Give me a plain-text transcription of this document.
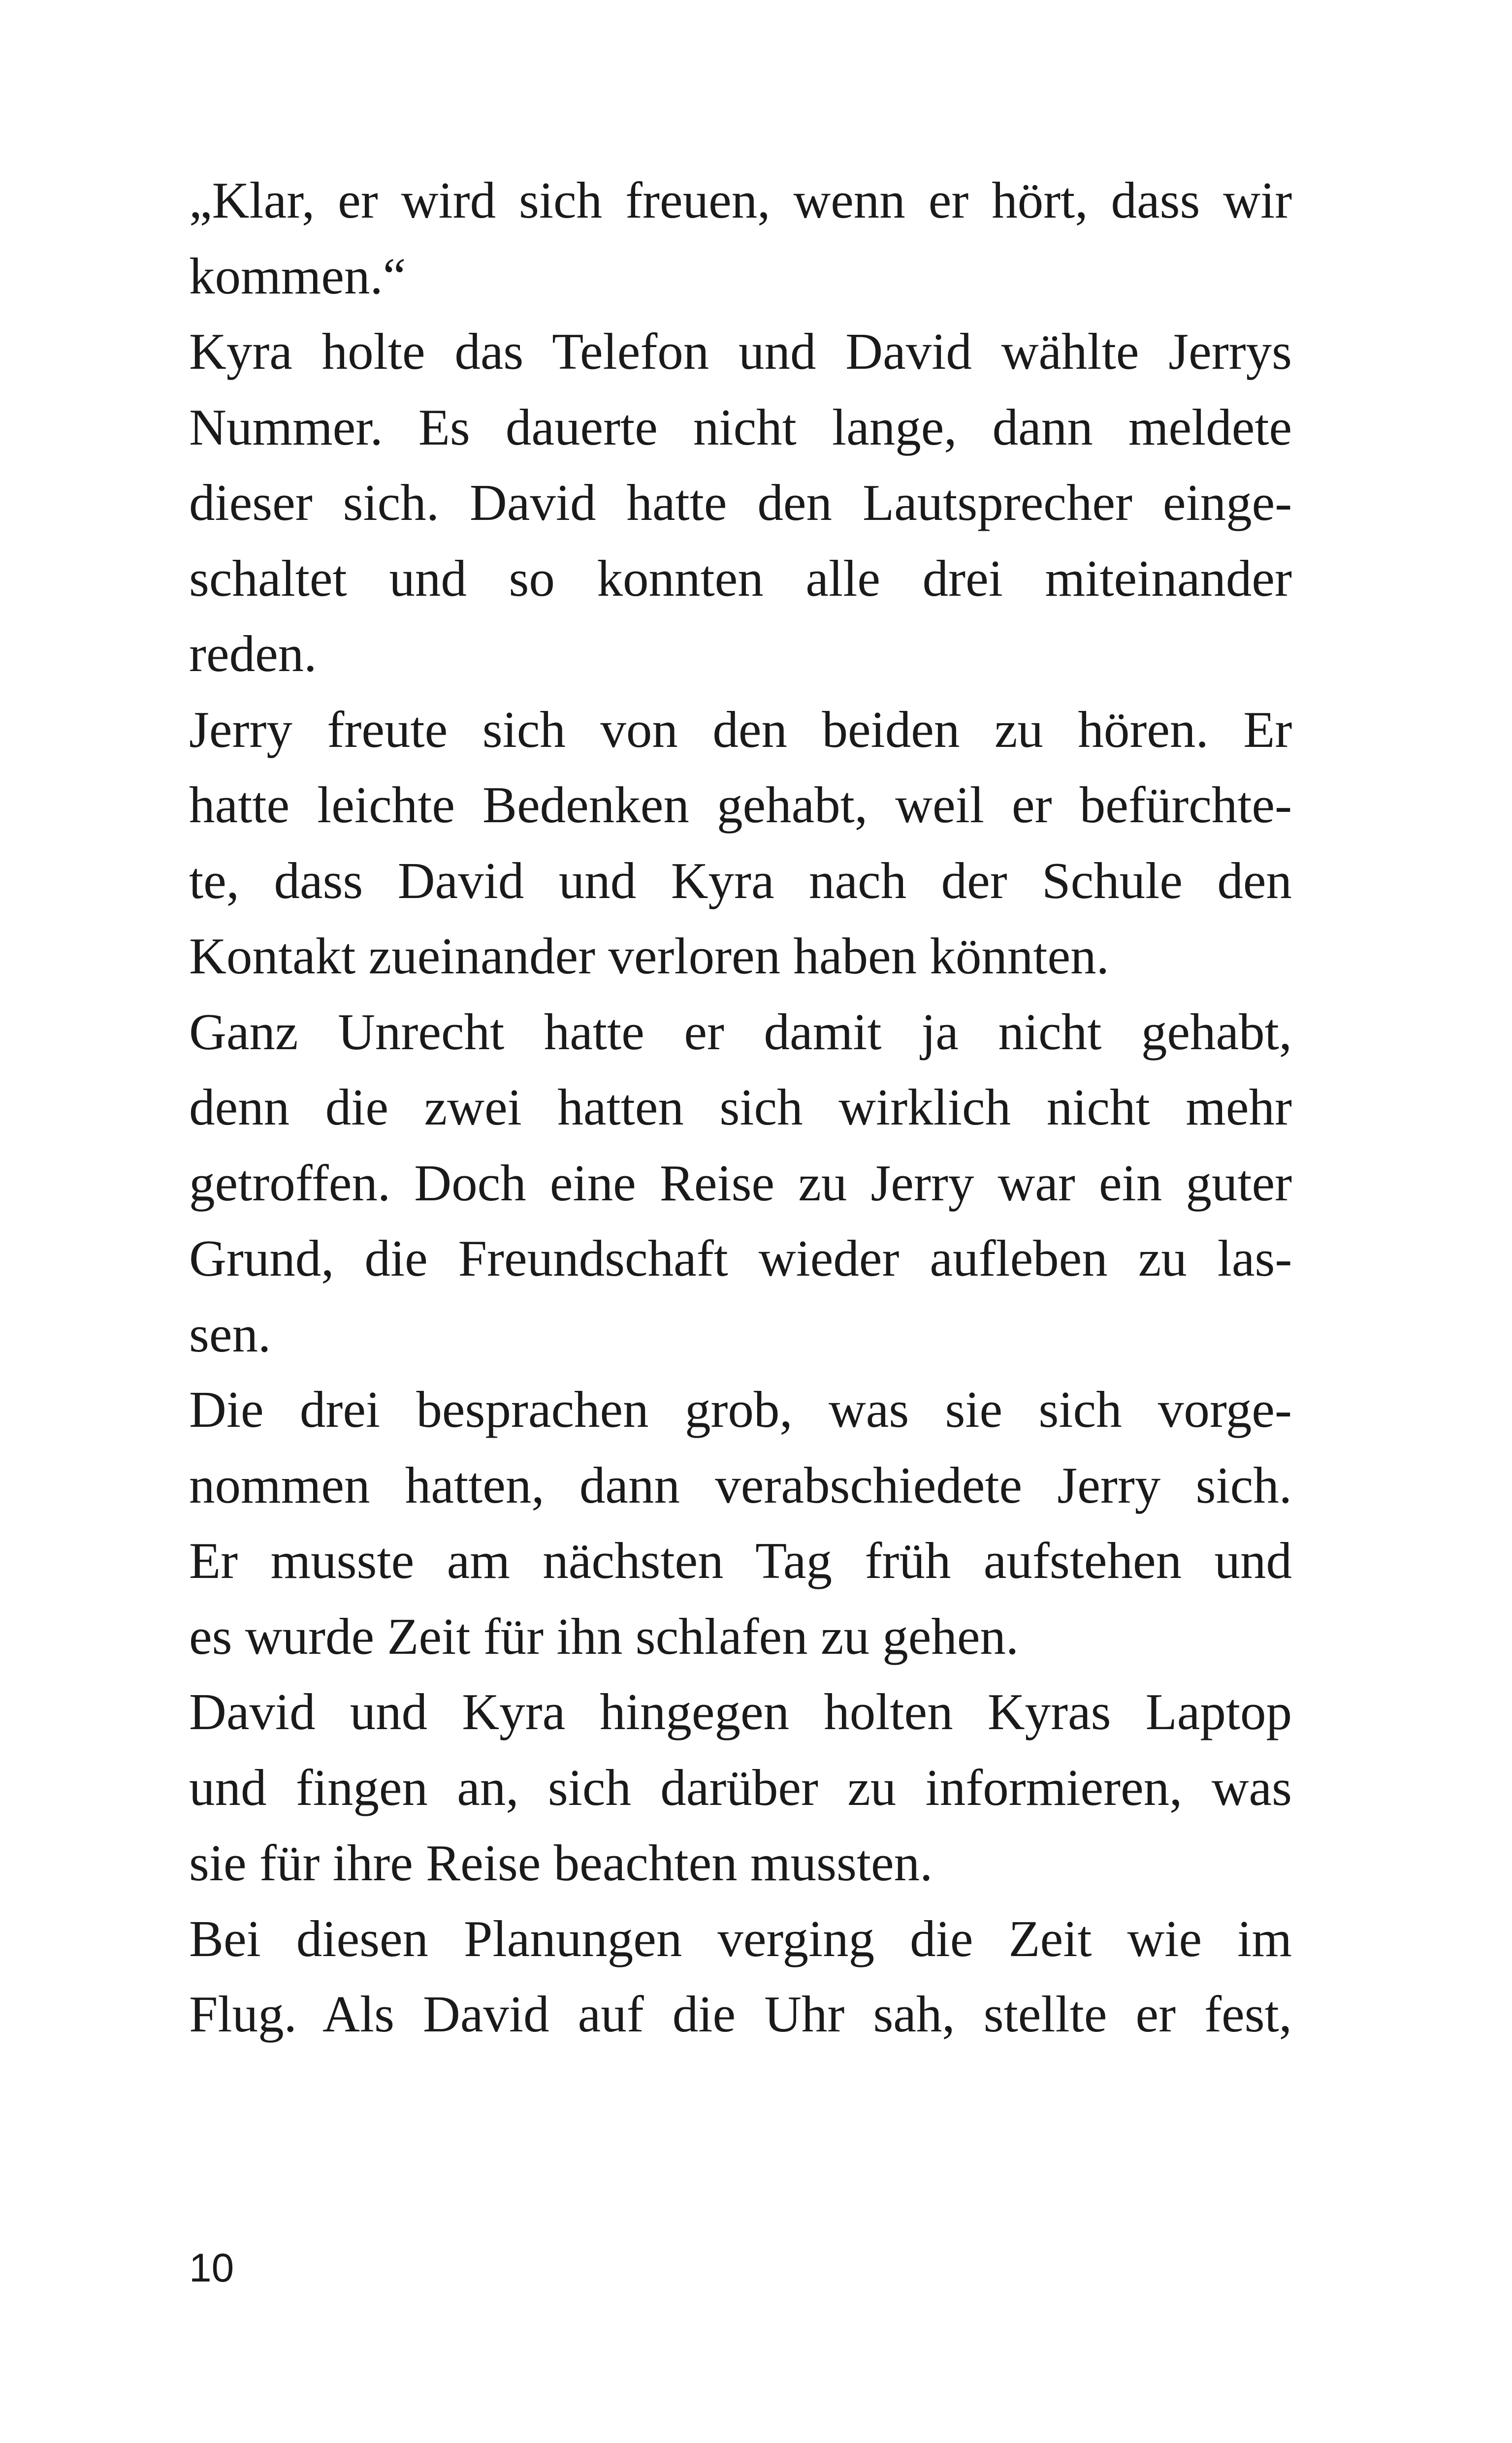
„Klar, er wird sich freuen, wenn er hört, dass wir
kommen.“
Kyra holte das Telefon und David wählte Jerrys
Nummer. Es dauerte nicht lange, dann meldete
dieser sich. David hatte den Lautsprecher einge-
schaltet und so konnten alle drei miteinander
reden.
Jerry freute sich von den beiden zu hören. Er
hatte leichte Bedenken gehabt, weil er befürchte-
te, dass David und Kyra nach der Schule den
Kontakt zueinander verloren haben könnten.
Ganz Unrecht hatte er damit ja nicht gehabt,
denn die zwei hatten sich wirklich nicht mehr
getroffen. Doch eine Reise zu Jerry war ein guter
Grund, die Freundschaft wieder aufleben zu las-
sen.
Die drei besprachen grob, was sie sich vorge-
nommen hatten, dann verabschiedete Jerry sich.
Er musste am nächsten Tag früh aufstehen und
es wurde Zeit für ihn schlafen zu gehen.
David und Kyra hingegen holten Kyras Laptop
und fingen an, sich darüber zu informieren, was
sie für ihre Reise beachten mussten.
Bei diesen Planungen verging die Zeit wie im
Flug. Als David auf die Uhr sah, stellte er fest,
10
